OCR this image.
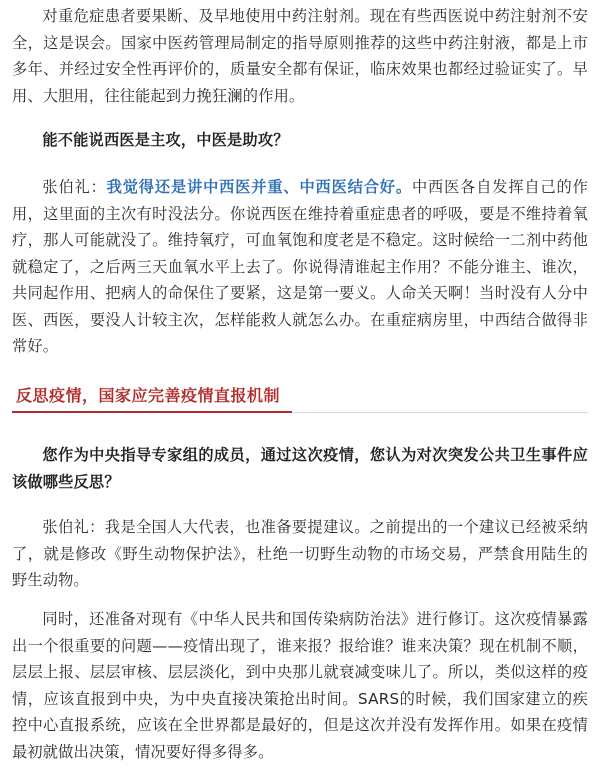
对重危症患者要果断、及早地使用中药注射剂。现在有些西医说中药注射剂不安全，这是误会。国家中医药管理局制定的指导原则推荐的这些中药注射液，都是上市多年、并经过安全性再评价的，质量安全都有保证，临床效果也都经过验证实了。早用、大胆用，往往能起到力挽狂澜的作用。

能不能说西医是主攻，中医是助攻？

张伯礼：我觉得还是讲中西医并重、中西医结合好。中西医各自发挥自己的作用，这里面的主次有时没法分。你说西医在维持着重症患者的呼吸，要是不维持着氧疗，那人可能就没了。维持氧疗，可血氧饱和度老是不稳定。这时候给一二剂中药他就稳定了，之后两三天血氧水平上去了。你说得清谁起主作用？不能分谁主、谁次，共同起作用、把病人的命保住了要紧，这是第一要义。人命关天啊！当时没有人分中医、西医，要没人计较主次，怎样能救人就怎么办。在重症病房里，中西结合做得非常好。

反思疫情，国家应完善疫情直报机制

您作为中央指导专家组的成员，通过这次疫情，您认为对次突发公共卫生事件应该做哪些反思？

张伯礼：我是全国人大代表，也准备要提建议。之前提出的一个建议已经被采纳了，就是修改《野生动物保护法》，杜绝一切野生动物的市场交易，严禁食用陆生的野生动物。

同时，还准备对现有《中华人民共和国传染病防治法》进行修订。这次疫情暴露出一个很重要的问题——疫情出现了，谁来报？报给谁？谁来决策？现在机制不顺，层层上报、层层审核、层层淡化，到中央那儿就衰减变味儿了。所以，类似这样的疫情，应该直报到中央，为中央直接决策抢出时间。SARS的时候，我们国家建立的疾控中心直报系统，应该在全世界都是最好的，但是这次并没有发挥作用。如果在疫情最初就做出决策，情况要好得多得多。
